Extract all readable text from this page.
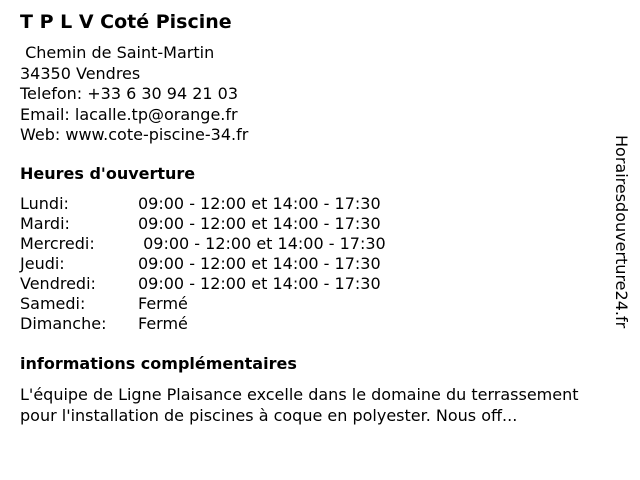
T P L V Coté Piscine
Chemin de Saint-Martin
34350 Vendres
Telefon: +33 6 30 94 21 03
Email: lacalle.tp@orange.fr
Web: www.cote-piscine-34.fr
Heures d'ouverture
Lundi:	09:00 - 12:00 et 14:00 - 17:30
Mardi:	09:00 - 12:00 et 14:00 - 17:30
Mercredi:	09:00 - 12:00 et 14:00 - 17:30
Jeudi:	09:00 - 12:00 et 14:00 - 17:30
Vendredi:	09:00 - 12:00 et 14:00 - 17:30
Samedi:	Fermé
Dimanche:	Fermé
informations complémentaires

L'équipe de Ligne Plaisance excelle dans le domaine du terrassement pour l'installation de piscines à coque en polyester. Nous off...

Horairesdouverture24.fr
